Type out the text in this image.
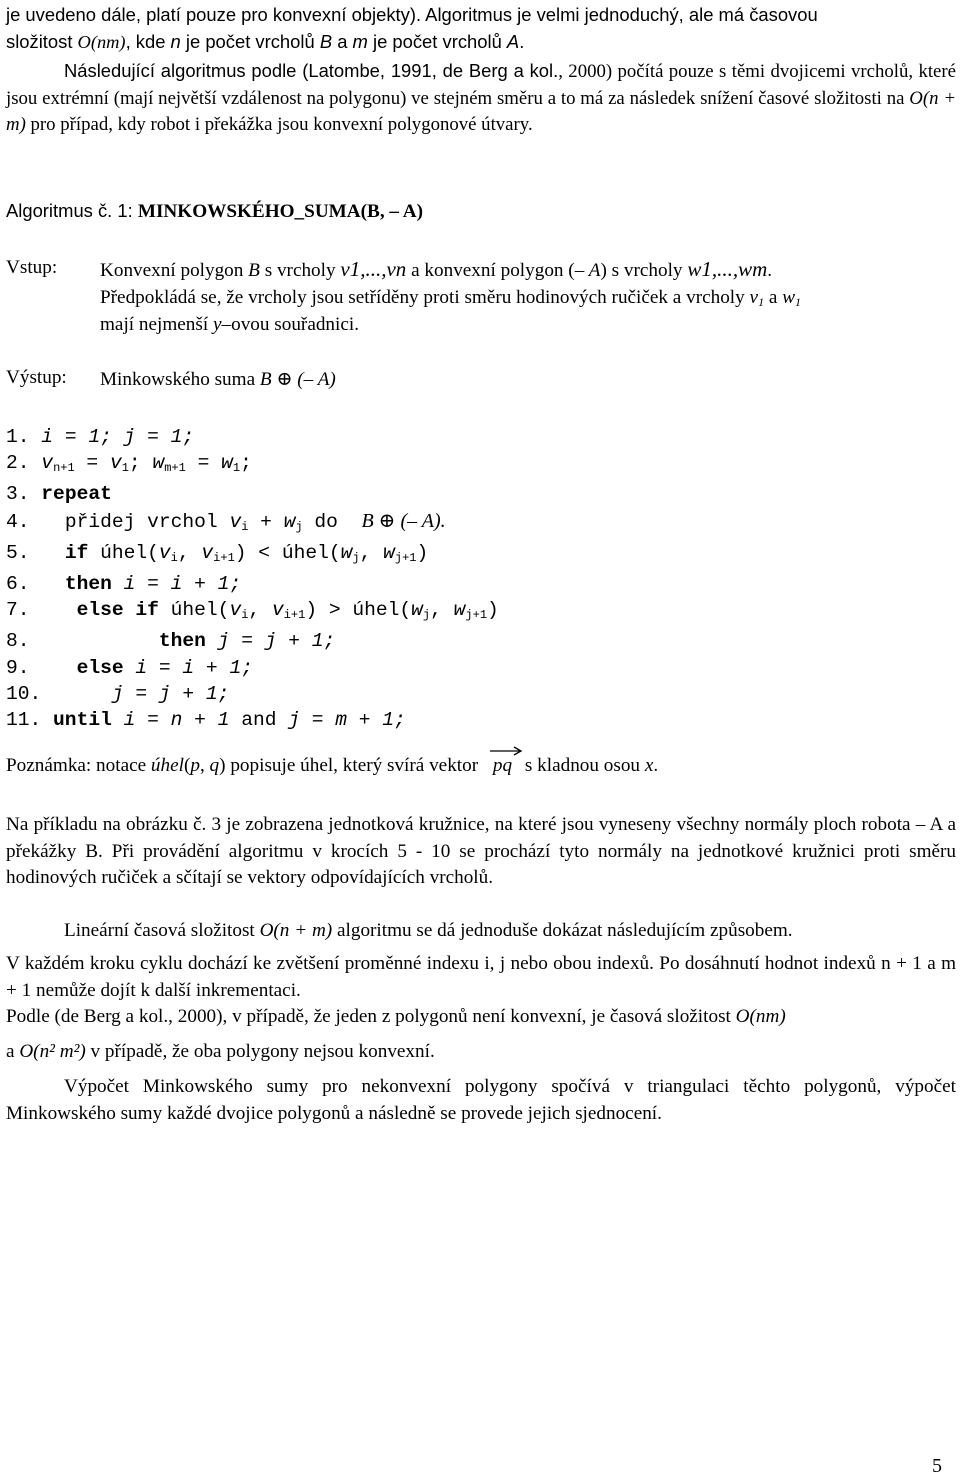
je uvedeno dále, platí pouze pro konvexní objekty). Algoritmus je velmi jednoduchý, ale má časovou
složitost O(nm), kde n je počet vrcholů B a m je počet vrcholů A.
Následující algoritmus podle (Latombe, 1991, de Berg a kol., 2000) počítá pouze s těmi dvojicemi vrcholů, které jsou extrémní (mají největší vzdálenost na polygonu) ve stejném směru a to má za následek snížení časové složitosti na O(n + m) pro případ, kdy robot i překážka jsou konvexní polygonové útvary.
Algoritmus č. 1: MINKOWSKÉHO_SUMA(B, – A)
Vstup: Konvexní polygon B s vrcholy v1,...,vn a konvexní polygon (– A) s vrcholy w1,...,wm.
Předpokládá se, že vrcholy jsou setříděny proti směru hodinových ručiček a vrcholy $v_1$ a $w_1$
mají nejmenší y–ovou souřadnici.
Výstup: Minkowského suma B ⊕ (– A)
1. i = 1; j = 1;
2. $v_{n+1} = v_1$; $w_{m+1} = w_1$;
3. repeat
4. přidej vrchol $v_i + w_j$ do  B ⊕ (– A).
5. if $úhel(v_i$, $v_{i+1}$) < $úhel(w_j$, $w_{j+1}$)
6. then i = i + 1;
7. else if $úhel(v_i$, $v_{i+1}$) > $úhel(w_j$, $w_{j+1}$)
8.	then j = j + 1;
9. else i = i + 1;
10.	j = j + 1;
11. until i = n + 1 and j = m + 1;
Poznámka: notace úhel(p, q) popisuje úhel, který svírá vektor
pq s kladnou osou x.
Na příkladu na obrázku č. 3 je zobrazena jednotková kružnice, na které jsou vyneseny všechny normály ploch robota – A a překážky B. Při provádění algoritmu v krocích 5 - 10 se prochází tyto normály na jednotkové kružnici proti směru hodinových ručiček a sčítají se vektory odpovídajících vrcholů.
Lineární časová složitost O(n + m) algoritmu se dá jednoduše dokázat následujícím způsobem.
V každém kroku cyklu dochází ke zvětšení proměnné indexu i, j nebo obou indexů. Po dosáhnutí hodnot indexů n + 1 a m + 1 nemůže dojít k další inkrementaci.
Podle (de Berg a kol., 2000), v případě, že jeden z polygonů není konvexní, je časová složitost O(nm)
a O(n² m²) v případě, že oba polygony nejsou konvexní.
Výpočet Minkowského sumy pro nekonvexní polygony spočívá v triangulaci těchto polygonů, výpočet Minkowského sumy každé dvojice polygonů a následně se provede jejich sjednocení.
5
